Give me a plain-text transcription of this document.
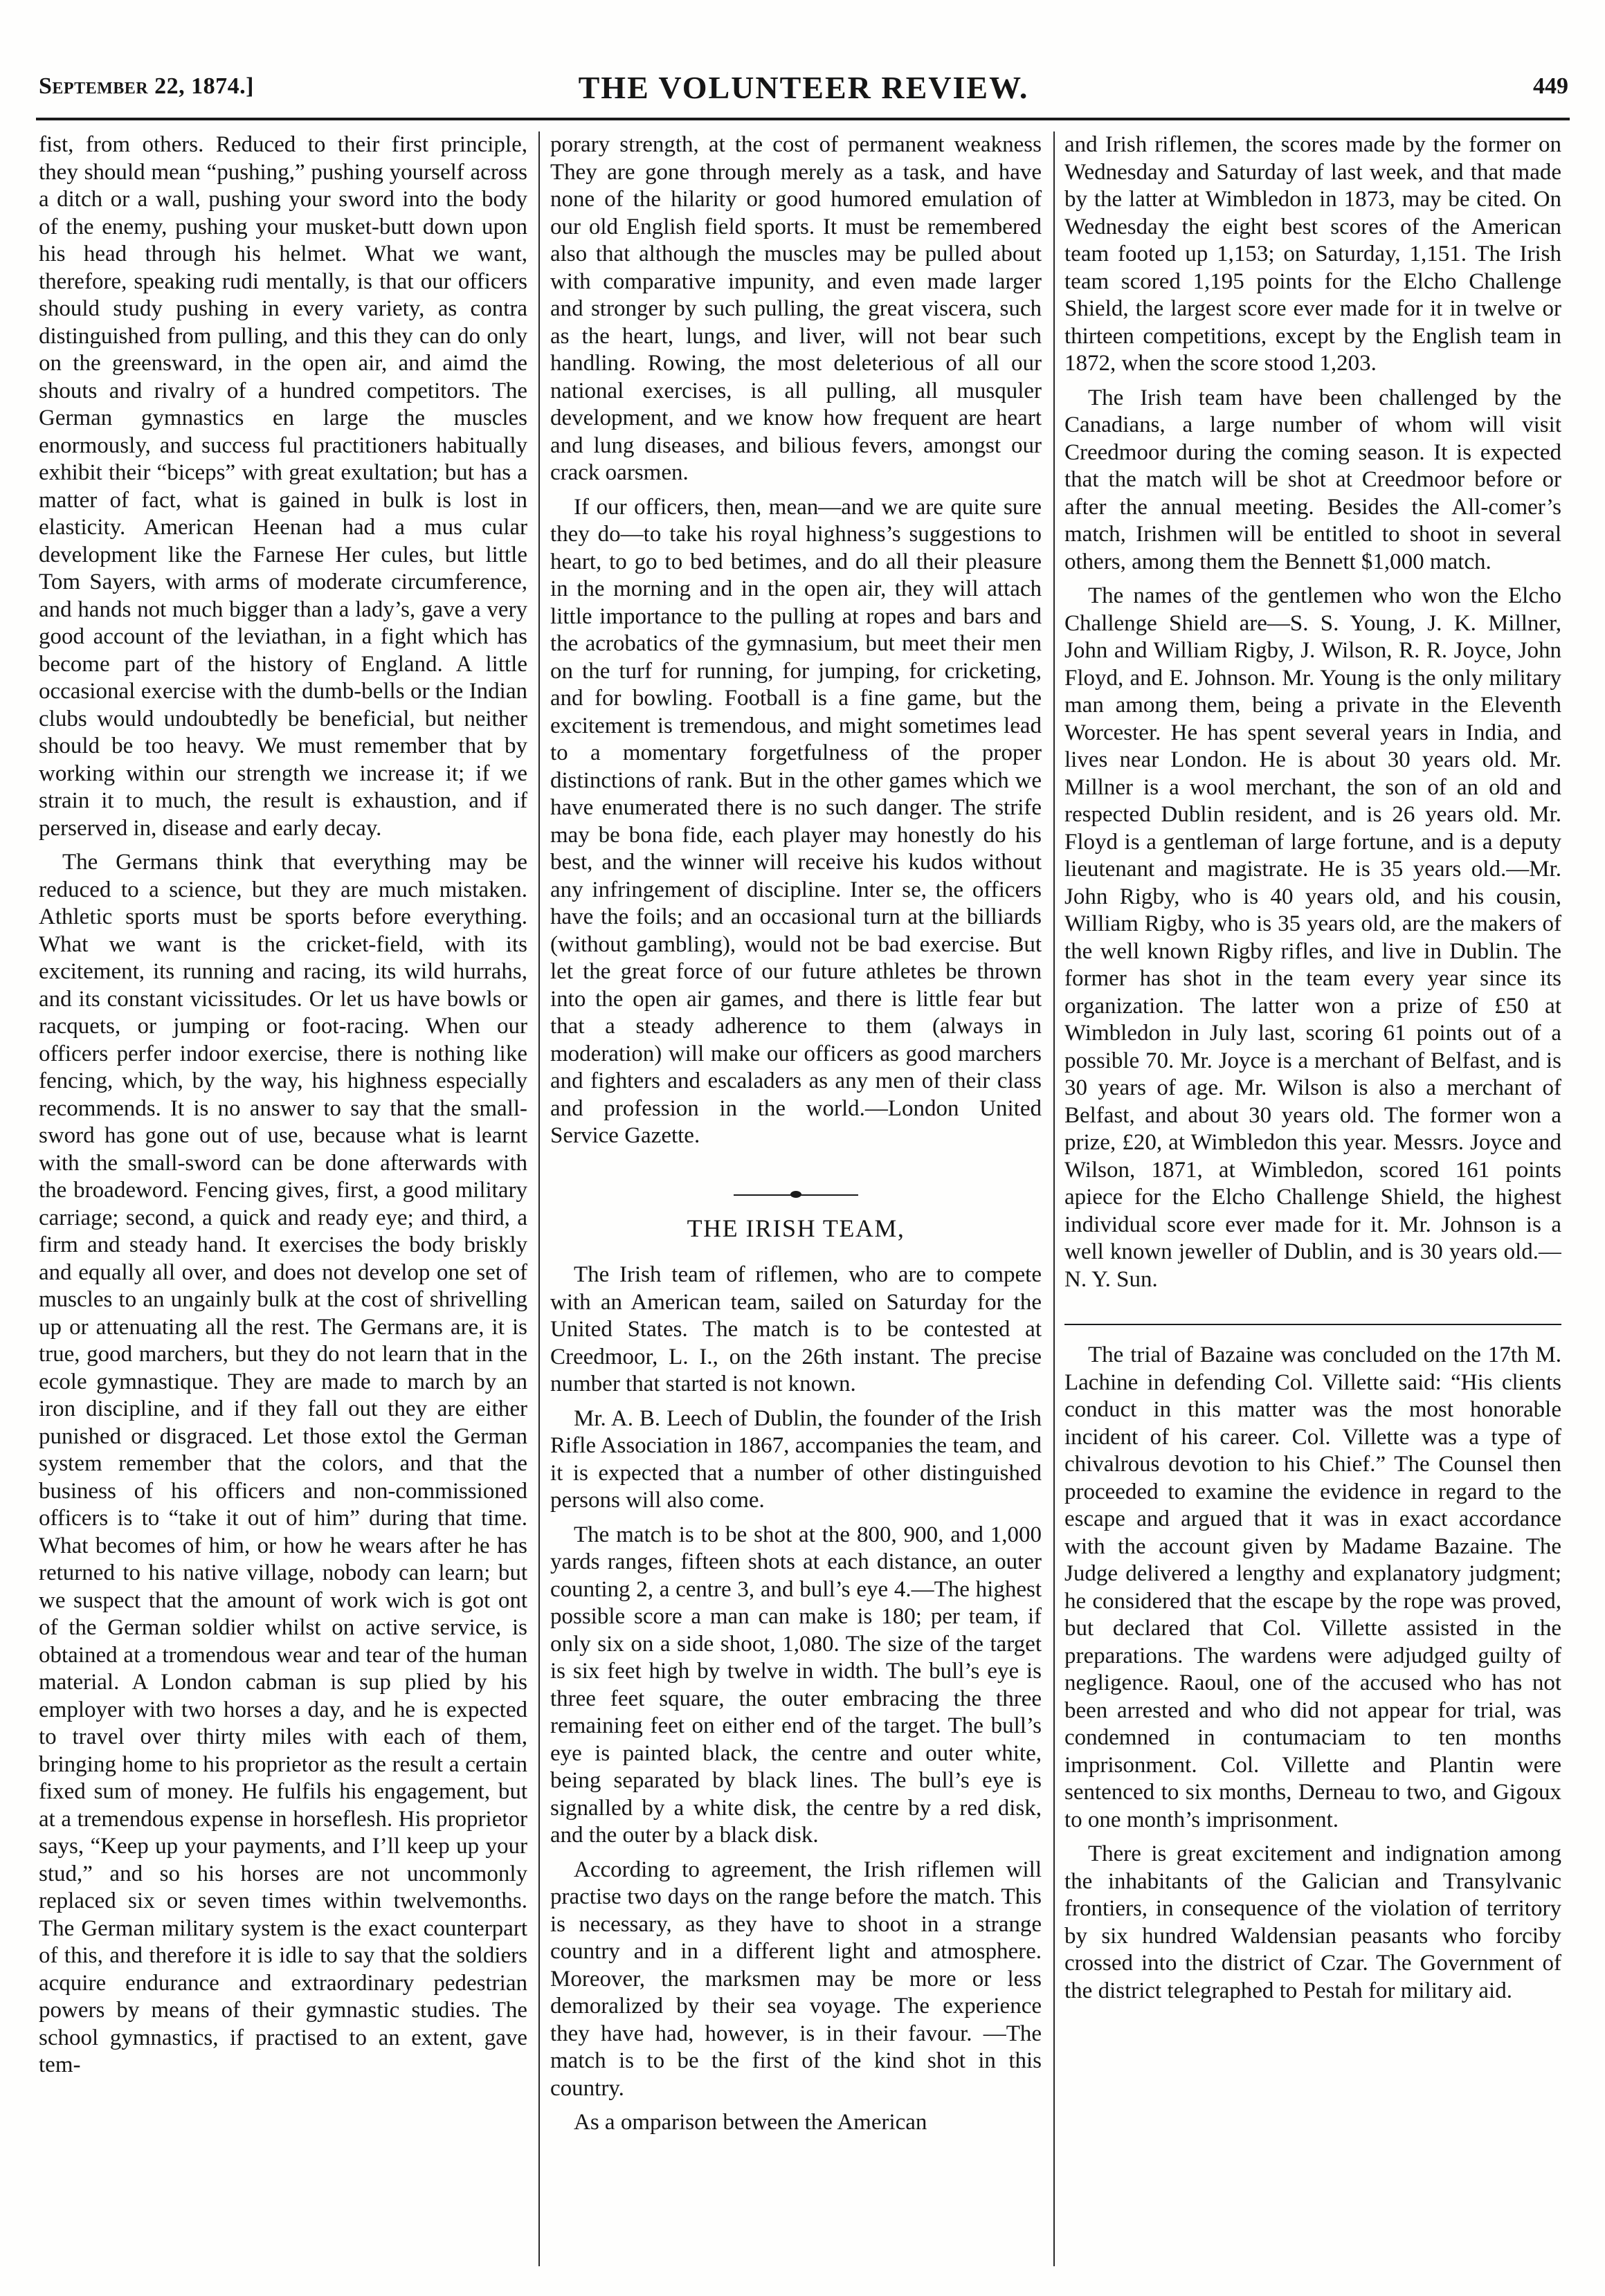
September 22, 1874.]	THE VOLUNTEER REVIEW.	449

fist, from others. Reduced to their first principle, they should mean “pushing,” pushing yourself across a ditch or a wall, pushing your sword into the body of the enemy, pushing your musket-butt down upon his head through his helmet. What we want, therefore, speaking rudi mentally, is that our officers should study pushing in every variety, as contra distinguished from pulling, and this they can do only on the greensward, in the open air, and aimd the shouts and rivalry of a hundred competitors. The German gymnastics en large the muscles enormously, and success ful practitioners habitually exhibit their “biceps” with great exultation; but has a matter of fact, what is gained in bulk is lost in elasticity. American Heenan had a mus cular development like the Farnese Her cules, but little Tom Sayers, with arms of moderate circumference, and hands not much bigger than a lady’s, gave a very good account of the leviathan, in a fight which has become part of the history of England. A little occasional exercise with the dumb-bells or the Indian clubs would undoubtedly be beneficial, but neither should be too heavy. We must remember that by working within our strength we increase it; if we strain it to much, the result is exhaustion, and if perserved in, disease and early decay.

The Germans think that everything may be reduced to a science, but they are much mistaken. Athletic sports must be sports before everything. What we want is the cricket-field, with its excitement, its running and racing, its wild hurrahs, and its constant vicissitudes. Or let us have bowls or racquets, or jumping or foot-racing. When our officers perfer indoor exercise, there is nothing like fencing, which, by the way, his highness especially recommends. It is no answer to say that the small-sword has gone out of use, because what is learnt with the small-sword can be done afterwards with the broadeword. Fencing gives, first, a good military carriage; second, a quick and ready eye; and third, a firm and steady hand. It exercises the body briskly and equally all over, and does not develop one set of muscles to an ungainly bulk at the cost of shrivelling up or attenuating all the rest. The Germans are, it is true, good marchers, but they do not learn that in the ecole gymnastique. They are made to march by an iron discipline, and if they fall out they are either punished or disgraced. Let those extol the German system remember that the colors, and that the business of his officers and non-commissioned officers is to “take it out of him” during that time. What becomes of him, or how he wears after he has returned to his native village, nobody can learn; but we suspect that the amount of work wich is got ont of the German soldier whilst on active service, is obtained at a tromendous wear and tear of the human material. A London cabman is sup plied by his employer with two horses a day, and he is expected to travel over thirty miles with each of them, bringing home to his proprietor as the result a certain fixed sum of money. He fulfils his engagement, but at a tremendous expense in horseflesh. His proprietor says, “Keep up your payments, and I’ll keep up your stud,” and so his horses are not uncommonly replaced six or seven times within twelvemonths. The German military system is the exact counterpart of this, and therefore it is idle to say that the soldiers acquire endurance and extraordinary pedestrian powers by means of their gymnastic studies. The school gymnastics, if practised to an extent, gave tem-

porary strength, at the cost of permanent weakness They are gone through merely as a task, and have none of the hilarity or good humored emulation of our old English field sports. It must be remembered also that although the muscles may be pulled about with comparative impunity, and even made larger and stronger by such pulling, the great viscera, such as the heart, lungs, and liver, will not bear such handling. Rowing, the most deleterious of all our national exercises, is all pulling, all musquler development, and we know how frequent are heart and lung diseases, and bilious fevers, amongst our crack oarsmen.

If our officers, then, mean—and we are quite sure they do—to take his royal highness’s suggestions to heart, to go to bed betimes, and do all their pleasure in the morning and in the open air, they will attach little importance to the pulling at ropes and bars and the acrobatics of the gymnasium, but meet their men on the turf for running, for jumping, for cricketing, and for bowling. Football is a fine game, but the excitement is tremendous, and might sometimes lead to a momentary forgetfulness of the proper distinctions of rank. But in the other games which we have enumerated there is no such danger. The strife may be bona fide, each player may honestly do his best, and the winner will receive his kudos without any infringement of discipline. Inter se, the officers have the foils; and an occasional turn at the billiards (without gambling), would not be bad exercise. But let the great force of our future athletes be thrown into the open air games, and there is little fear but that a steady adherence to them (always in moderation) will make our officers as good marchers and fighters and escaladers as any men of their class and profession in the world.—London United Service Gazette.

THE IRISH TEAM,

The Irish team of riflemen, who are to compete with an American team, sailed on Saturday for the United States. The match is to be contested at Creedmoor, L. I., on the 26th instant. The precise number that started is not known.

Mr. A. B. Leech of Dublin, the founder of the Irish Rifle Association in 1867, accompanies the team, and it is expected that a number of other distinguished persons will also come.

The match is to be shot at the 800, 900, and 1,000 yards ranges, fifteen shots at each distance, an outer counting 2, a centre 3, and bull’s eye 4.—The highest possible score a man can make is 180; per team, if only six on a side shoot, 1,080. The size of the target is six feet high by twelve in width. The bull’s eye is three feet square, the outer embracing the three remaining feet on either end of the target. The bull’s eye is painted black, the centre and outer white, being separated by black lines. The bull’s eye is signalled by a white disk, the centre by a red disk, and the outer by a black disk.

According to agreement, the Irish riflemen will practise two days on the range before the match. This is necessary, as they have to shoot in a strange country and in a different light and atmosphere. Moreover, the marksmen may be more or less demoralized by their sea voyage. The experience they have had, however, is in their favour. —The match is to be the first of the kind shot in this country.

As a omparison between the American

and Irish riflemen, the scores made by the former on Wednesday and Saturday of last week, and that made by the latter at Wimbledon in 1873, may be cited. On Wednesday the eight best scores of the American team footed up 1,153; on Saturday, 1,151. The Irish team scored 1,195 points for the Elcho Challenge Shield, the largest score ever made for it in twelve or thirteen competitions, except by the English team in 1872, when the score stood 1,203.

The Irish team have been challenged by the Canadians, a large number of whom will visit Creedmoor during the coming season. It is expected that the match will be shot at Creedmoor before or after the annual meeting. Besides the All-comer’s match, Irishmen will be entitled to shoot in several others, among them the Bennett $1,000 match.

The names of the gentlemen who won the Elcho Challenge Shield are—S. S. Young, J. K. Millner, John and William Rigby, J. Wilson, R. R. Joyce, John Floyd, and E. Johnson. Mr. Young is the only military man among them, being a private in the Eleventh Worcester. He has spent several years in India, and lives near London. He is about 30 years old. Mr. Millner is a wool merchant, the son of an old and respected Dublin resident, and is 26 years old. Mr. Floyd is a gentleman of large fortune, and is a deputy lieutenant and magistrate. He is 35 years old.—Mr. John Rigby, who is 40 years old, and his cousin, William Rigby, who is 35 years old, are the makers of the well known Rigby rifles, and live in Dublin. The former has shot in the team every year since its organization. The latter won a prize of £50 at Wimbledon in July last, scoring 61 points out of a possible 70. Mr. Joyce is a merchant of Belfast, and is 30 years of age. Mr. Wilson is also a merchant of Belfast, and about 30 years old. The former won a prize, £20, at Wimbledon this year. Messrs. Joyce and Wilson, 1871, at Wimbledon, scored 161 points apiece for the Elcho Challenge Shield, the highest individual score ever made for it. Mr. Johnson is a well known jeweller of Dublin, and is 30 years old.—N. Y. Sun.

The trial of Bazaine was concluded on the 17th M. Lachine in defending Col. Villette said: “His clients conduct in this matter was the most honorable incident of his career. Col. Villette was a type of chivalrous devotion to his Chief.” The Counsel then proceeded to examine the evidence in regard to the escape and argued that it was in exact accordance with the account given by Madame Bazaine. The Judge delivered a lengthy and explanatory judgment; he considered that the escape by the rope was proved, but declared that Col. Villette assisted in the preparations. The wardens were adjudged guilty of negligence. Raoul, one of the accused who has not been arrested and who did not appear for trial, was condemned in contumaciam to ten months imprisonment. Col. Villette and Plantin were sentenced to six months, Derneau to two, and Gigoux to one month’s imprisonment.

There is great excitement and indignation among the inhabitants of the Galician and Transylvanic frontiers, in consequence of the violation of territory by six hundred Waldensian peasants who forciby crossed into the district of Czar. The Government of the district telegraphed to Pestah for military aid.
